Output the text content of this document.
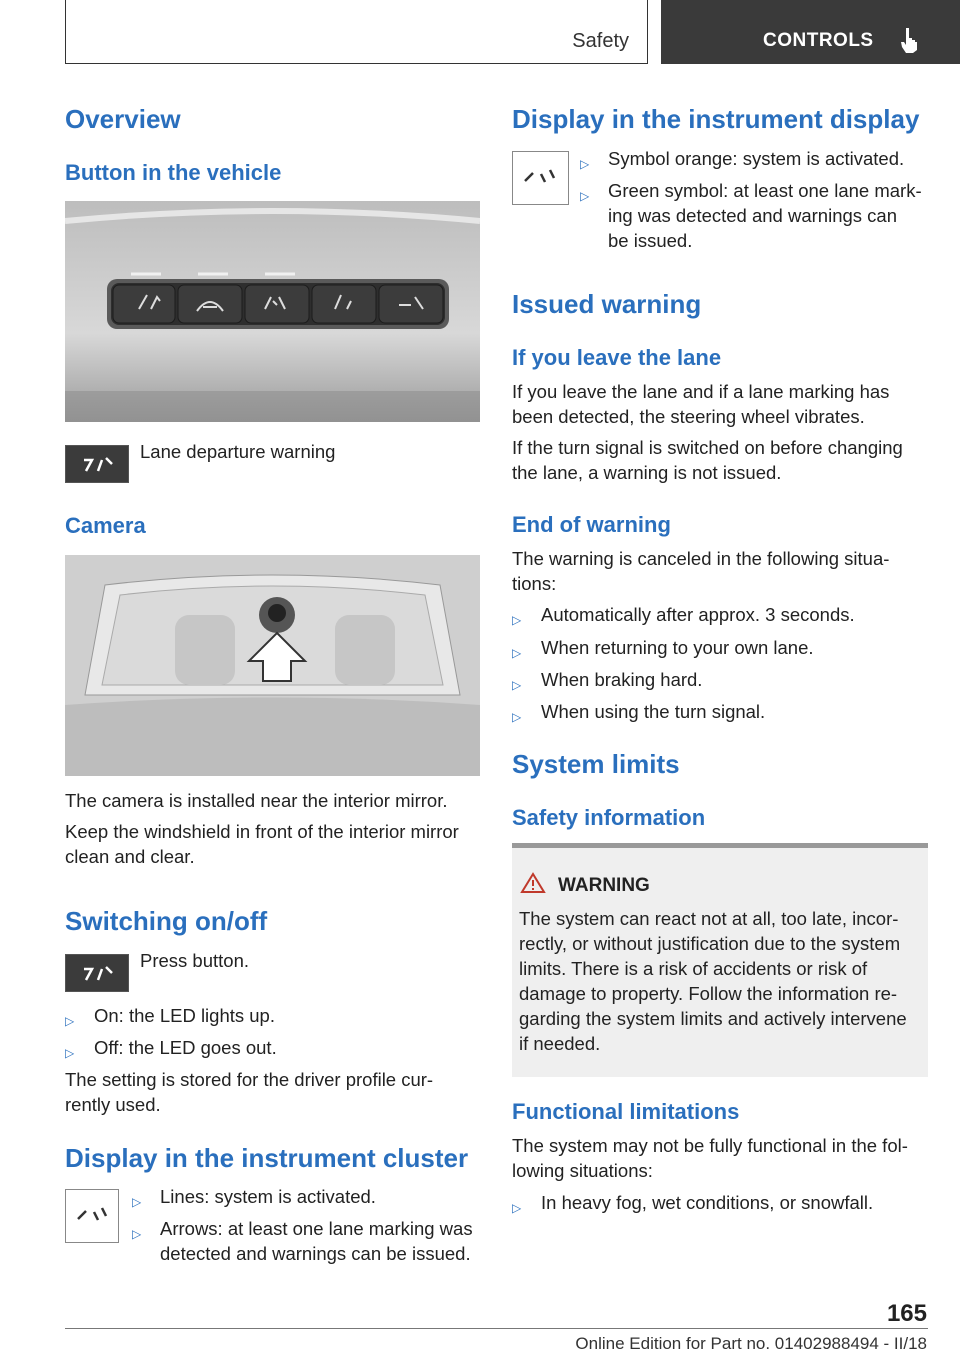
Safety	CONTROLS
Overview
Button in the vehicle

Lane departure warning

Camera

The camera is installed near the interior mirror.

Keep the windshield in front of the interior mirror

clean and clear.

Switching on/off

Press button.

▷	On: the LED lights up.
▷	Off: the LED goes out.

The setting is stored for the driver profile cur-

rently used.

Display in the instrument cluster
▷	Lines: system is activated.
▷	Arrows: at least one lane marking was

detected and warnings can be issued.

Display in the instrument display
▷	Symbol orange: system is activated.
▷	Green symbol: at least one lane mark-

ing was detected and warnings can

be issued.

Issued warning
If you leave the lane

If you leave the lane and if a lane marking has

been detected, the steering wheel vibrates.

If the turn signal is switched on before changing

the lane, a warning is not issued.

End of warning

The warning is canceled in the following situa-

tions:

▷	Automatically after approx. 3 seconds.
▷	When returning to your own lane.
▷	When braking hard.
▷	When using the turn signal.
System limits
Safety information
WARNING

The system can react not at all, too late, incor-

rectly, or without justification due to the system

limits. There is a risk of accidents or risk of

damage to property. Follow the information re-

garding the system limits and actively intervene

if needed.

Functional limitations

The system may not be fully functional in the fol-

lowing situations:

▷	In heavy fog, wet conditions, or snowfall.
165
Online Edition for Part no. 01402988494 - II/18
